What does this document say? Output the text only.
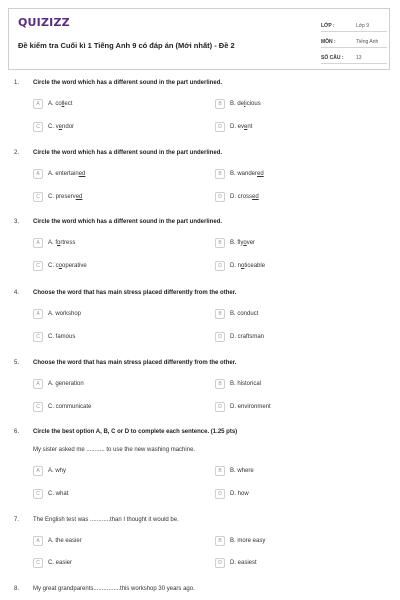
QUIZIZZ
Đề kiểm tra Cuối kì 1 Tiếng Anh 9 có đáp án (Mới nhất) - Đề 2
LỚP :	Lớp 9
MÔN :	Tiếng Anh
SỐ CÂU :	13
1. Circle the word which has a different sound in the part underlined.
A	A. collect	B	B. delicious
C	C. vendor	D	D. event
2. Circle the word which has a different sound in the part underlined.
A	A. entertained	B	B. wandered
C	C. preserved	D	D. crossed
3. Circle the word which has a different sound in the part underlined.
A	A. fortress	B	B. flyover
C	C. cooperative	D	D. noticeable
4. Choose the word that has main stress placed differently from the other.
A	A. workshop	B	B. conduct
C	C. famous	D	D. craftsman
5. Choose the word that has main stress placed differently from the other.
A	A. generation	B	B. historical
C	C. communicate	D	D. environment
6. Circle the best option A, B, C or D to complete each sentence. (1.25 pts)
My sister asked me ........... to use the new washing machine.
A	A. why	B	B. where
C	C. what	D	D. how
7. The English test was ............than I thought it would be.
A	A. the easier	B	B. more easy
C	C. easier	D	D. easiest
8. My great grandparents................this workshop 30 years ago.
